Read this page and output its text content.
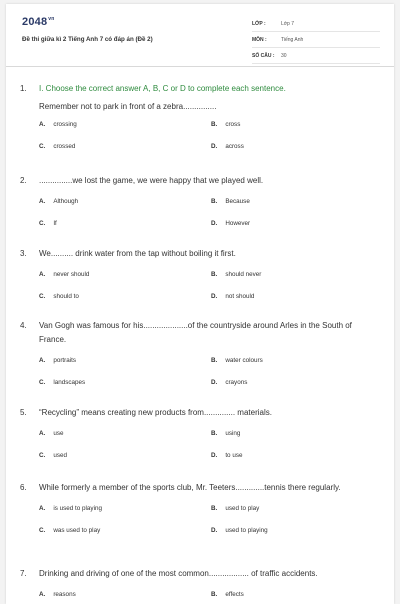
$2048^{vn}$
Đề thi giữa kì 2 Tiếng Anh 7 có đáp án (Đề 2)
LỚP :	Lớp 7
MÔN :	Tiếng Anh
SỐ CÂU :	30
1.	I. Choose the correct answer A, B, C or D to complete each sentence.
Remember not to park in front of a zebra...............
A. crossing	B. cross
C. crossed	D. across
2.	...............we lost the game, we were happy that we played well.
A. Although	B. Because
C. If	D. However
3.	We.......... drink water from the tap without boiling it first.
A. never should	B. should never
C. should to	D. not should
4.	Van Gogh was famous for his....................of the countryside around Arles in the South of France.
A. portraits	B. water colours
C. landscapes	D. crayons
5.	“Recycling” means creating new products from.............. materials.
A. use	B. using
C. used	D. to use
6.	While formerly a member of the sports club, Mr. Teeters.............tennis there regularly.
A. is used to playing	B. used to play
C. was used to play	D. used to playing
7.	Drinking and driving of one of the most common.................. of traffic accidents.
A. reasons	B. effects
